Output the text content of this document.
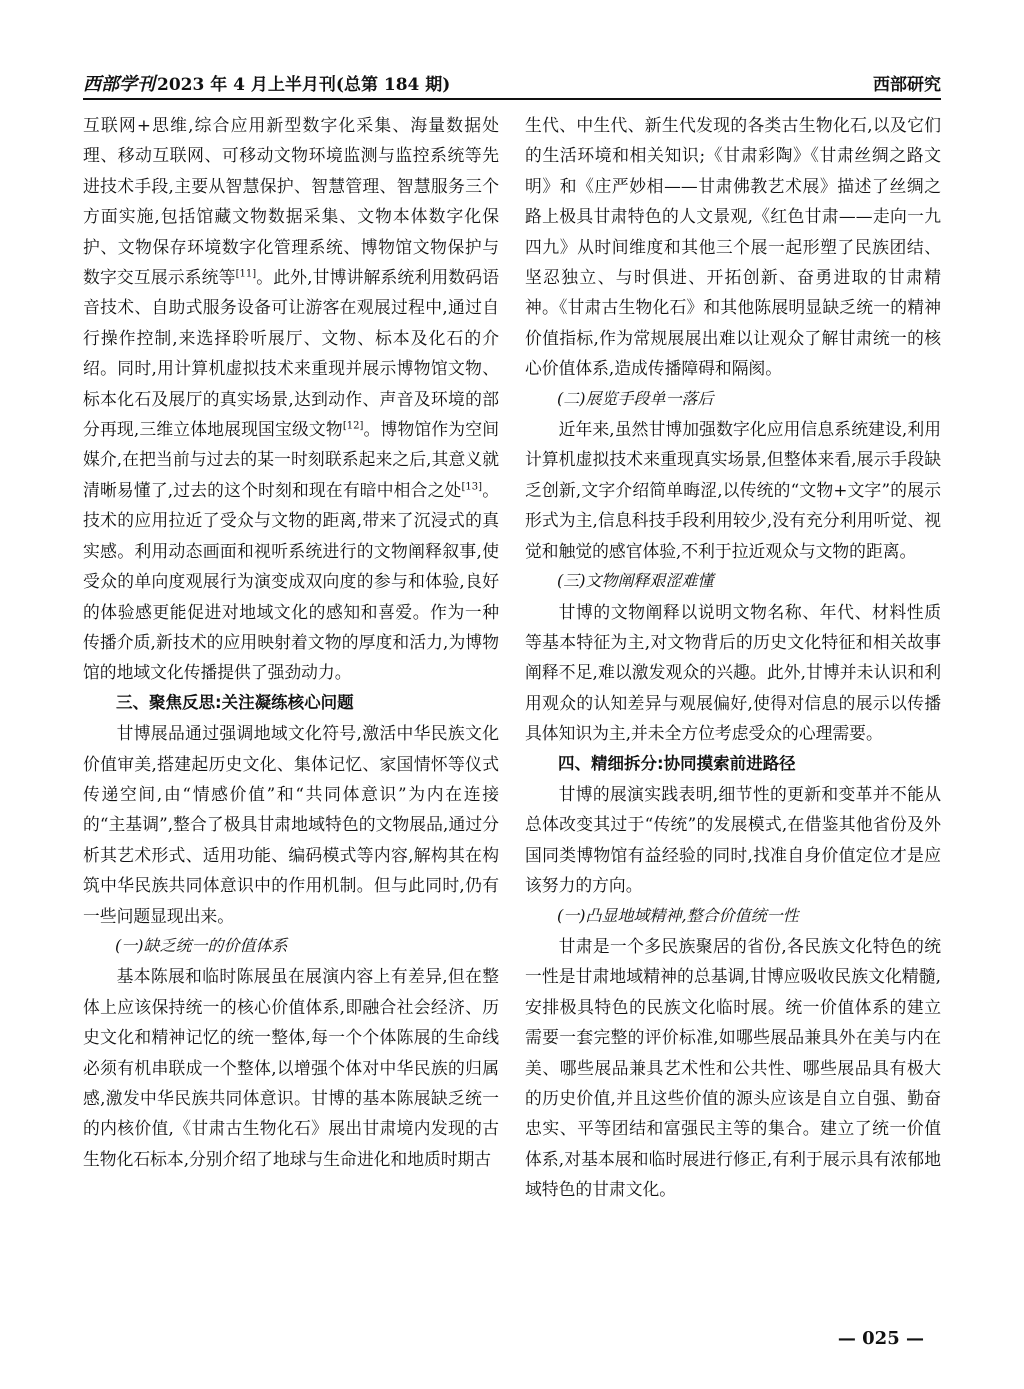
西部学刊 2023 年 4 月上半月刊(总第 184 期)	西部研究

互联网+思维,综合应用新型数字化采集、海量数据处理、移动互联网、可移动文物环境监测与监控系统等先进技术手段,主要从智慧保护、智慧管理、智慧服务三个方面实施,包括馆藏文物数据采集、文物本体数字化保护、文物保存环境数字化管理系统、博物馆文物保护与数字交互展示系统等[11]。此外,甘博讲解系统利用数码语音技术、自助式服务设备可让游客在观展过程中,通过自行操作控制,来选择聆听展厅、文物、标本及化石的介绍。同时,用计算机虚拟技术来重现并展示博物馆文物、标本化石及展厅的真实场景,达到动作、声音及环境的部分再现,三维立体地展现国宝级文物[12]。博物馆作为空间媒介,在把当前与过去的某一时刻联系起来之后,其意义就清晰易懂了,过去的这个时刻和现在有暗中相合之处[13]。技术的应用拉近了受众与文物的距离,带来了沉浸式的真实感。利用动态画面和视听系统进行的文物阐释叙事,使受众的单向度观展行为演变成双向度的参与和体验,良好的体验感更能促进对地域文化的感知和喜爱。作为一种传播介质,新技术的应用映射着文物的厚度和活力,为博物馆的地域文化传播提供了强劲动力。

三、聚焦反思:关注凝练核心问题

甘博展品通过强调地域文化符号,激活中华民族文化价值审美,搭建起历史文化、集体记忆、家国情怀等仪式传递空间,由“情感价值”和“共同体意识”为内在连接的“主基调”,整合了极具甘肃地域特色的文物展品,通过分析其艺术形式、适用功能、编码模式等内容,解构其在构筑中华民族共同体意识中的作用机制。但与此同时,仍有一些问题显现出来。

(一)缺乏统一的价值体系

基本陈展和临时陈展虽在展演内容上有差异,但在整体上应该保持统一的核心价值体系,即融合社会经济、历史文化和精神记忆的统一整体,每一个个体陈展的生命线必须有机串联成一个整体,以增强个体对中华民族的归属感,激发中华民族共同体意识。甘博的基本陈展缺乏统一的内核价值,《甘肃古生物化石》展出甘肃境内发现的古生物化石标本,分别介绍了地球与生命进化和地质时期古

生代、中生代、新生代发现的各类古生物化石,以及它们的生活环境和相关知识;《甘肃彩陶》《甘肃丝绸之路文明》和《庄严妙相——甘肃佛教艺术展》描述了丝绸之路上极具甘肃特色的人文景观,《红色甘肃——走向一九四九》从时间维度和其他三个展一起形塑了民族团结、坚忍独立、与时俱进、开拓创新、奋勇进取的甘肃精神。《甘肃古生物化石》和其他陈展明显缺乏统一的精神价值指标,作为常规展展出难以让观众了解甘肃统一的核心价值体系,造成传播障碍和隔阂。

(二)展览手段单一落后

近年来,虽然甘博加强数字化应用信息系统建设,利用计算机虚拟技术来重现真实场景,但整体来看,展示手段缺乏创新,文字介绍简单晦涩,以传统的“文物+文字”的展示形式为主,信息科技手段利用较少,没有充分利用听觉、视觉和触觉的感官体验,不利于拉近观众与文物的距离。

(三)文物阐释艰涩难懂

甘博的文物阐释以说明文物名称、年代、材料性质等基本特征为主,对文物背后的历史文化特征和相关故事阐释不足,难以激发观众的兴趣。此外,甘博并未认识和利用观众的认知差异与观展偏好,使得对信息的展示以传播具体知识为主,并未全方位考虑受众的心理需要。

四、精细拆分:协同摸索前进路径

甘博的展演实践表明,细节性的更新和变革并不能从总体改变其过于“传统”的发展模式,在借鉴其他省份及外国同类博物馆有益经验的同时,找准自身价值定位才是应该努力的方向。

(一)凸显地域精神,整合价值统一性

甘肃是一个多民族聚居的省份,各民族文化特色的统一性是甘肃地域精神的总基调,甘博应吸收民族文化精髓,安排极具特色的民族文化临时展。统一价值体系的建立需要一套完整的评价标准,如哪些展品兼具外在美与内在美、哪些展品兼具艺术性和公共性、哪些展品具有极大的历史价值,并且这些价值的源头应该是自立自强、勤奋忠实、平等团结和富强民主等的集合。建立了统一价值体系,对基本展和临时展进行修正,有利于展示具有浓郁地域特色的甘肃文化。

— 025 —
